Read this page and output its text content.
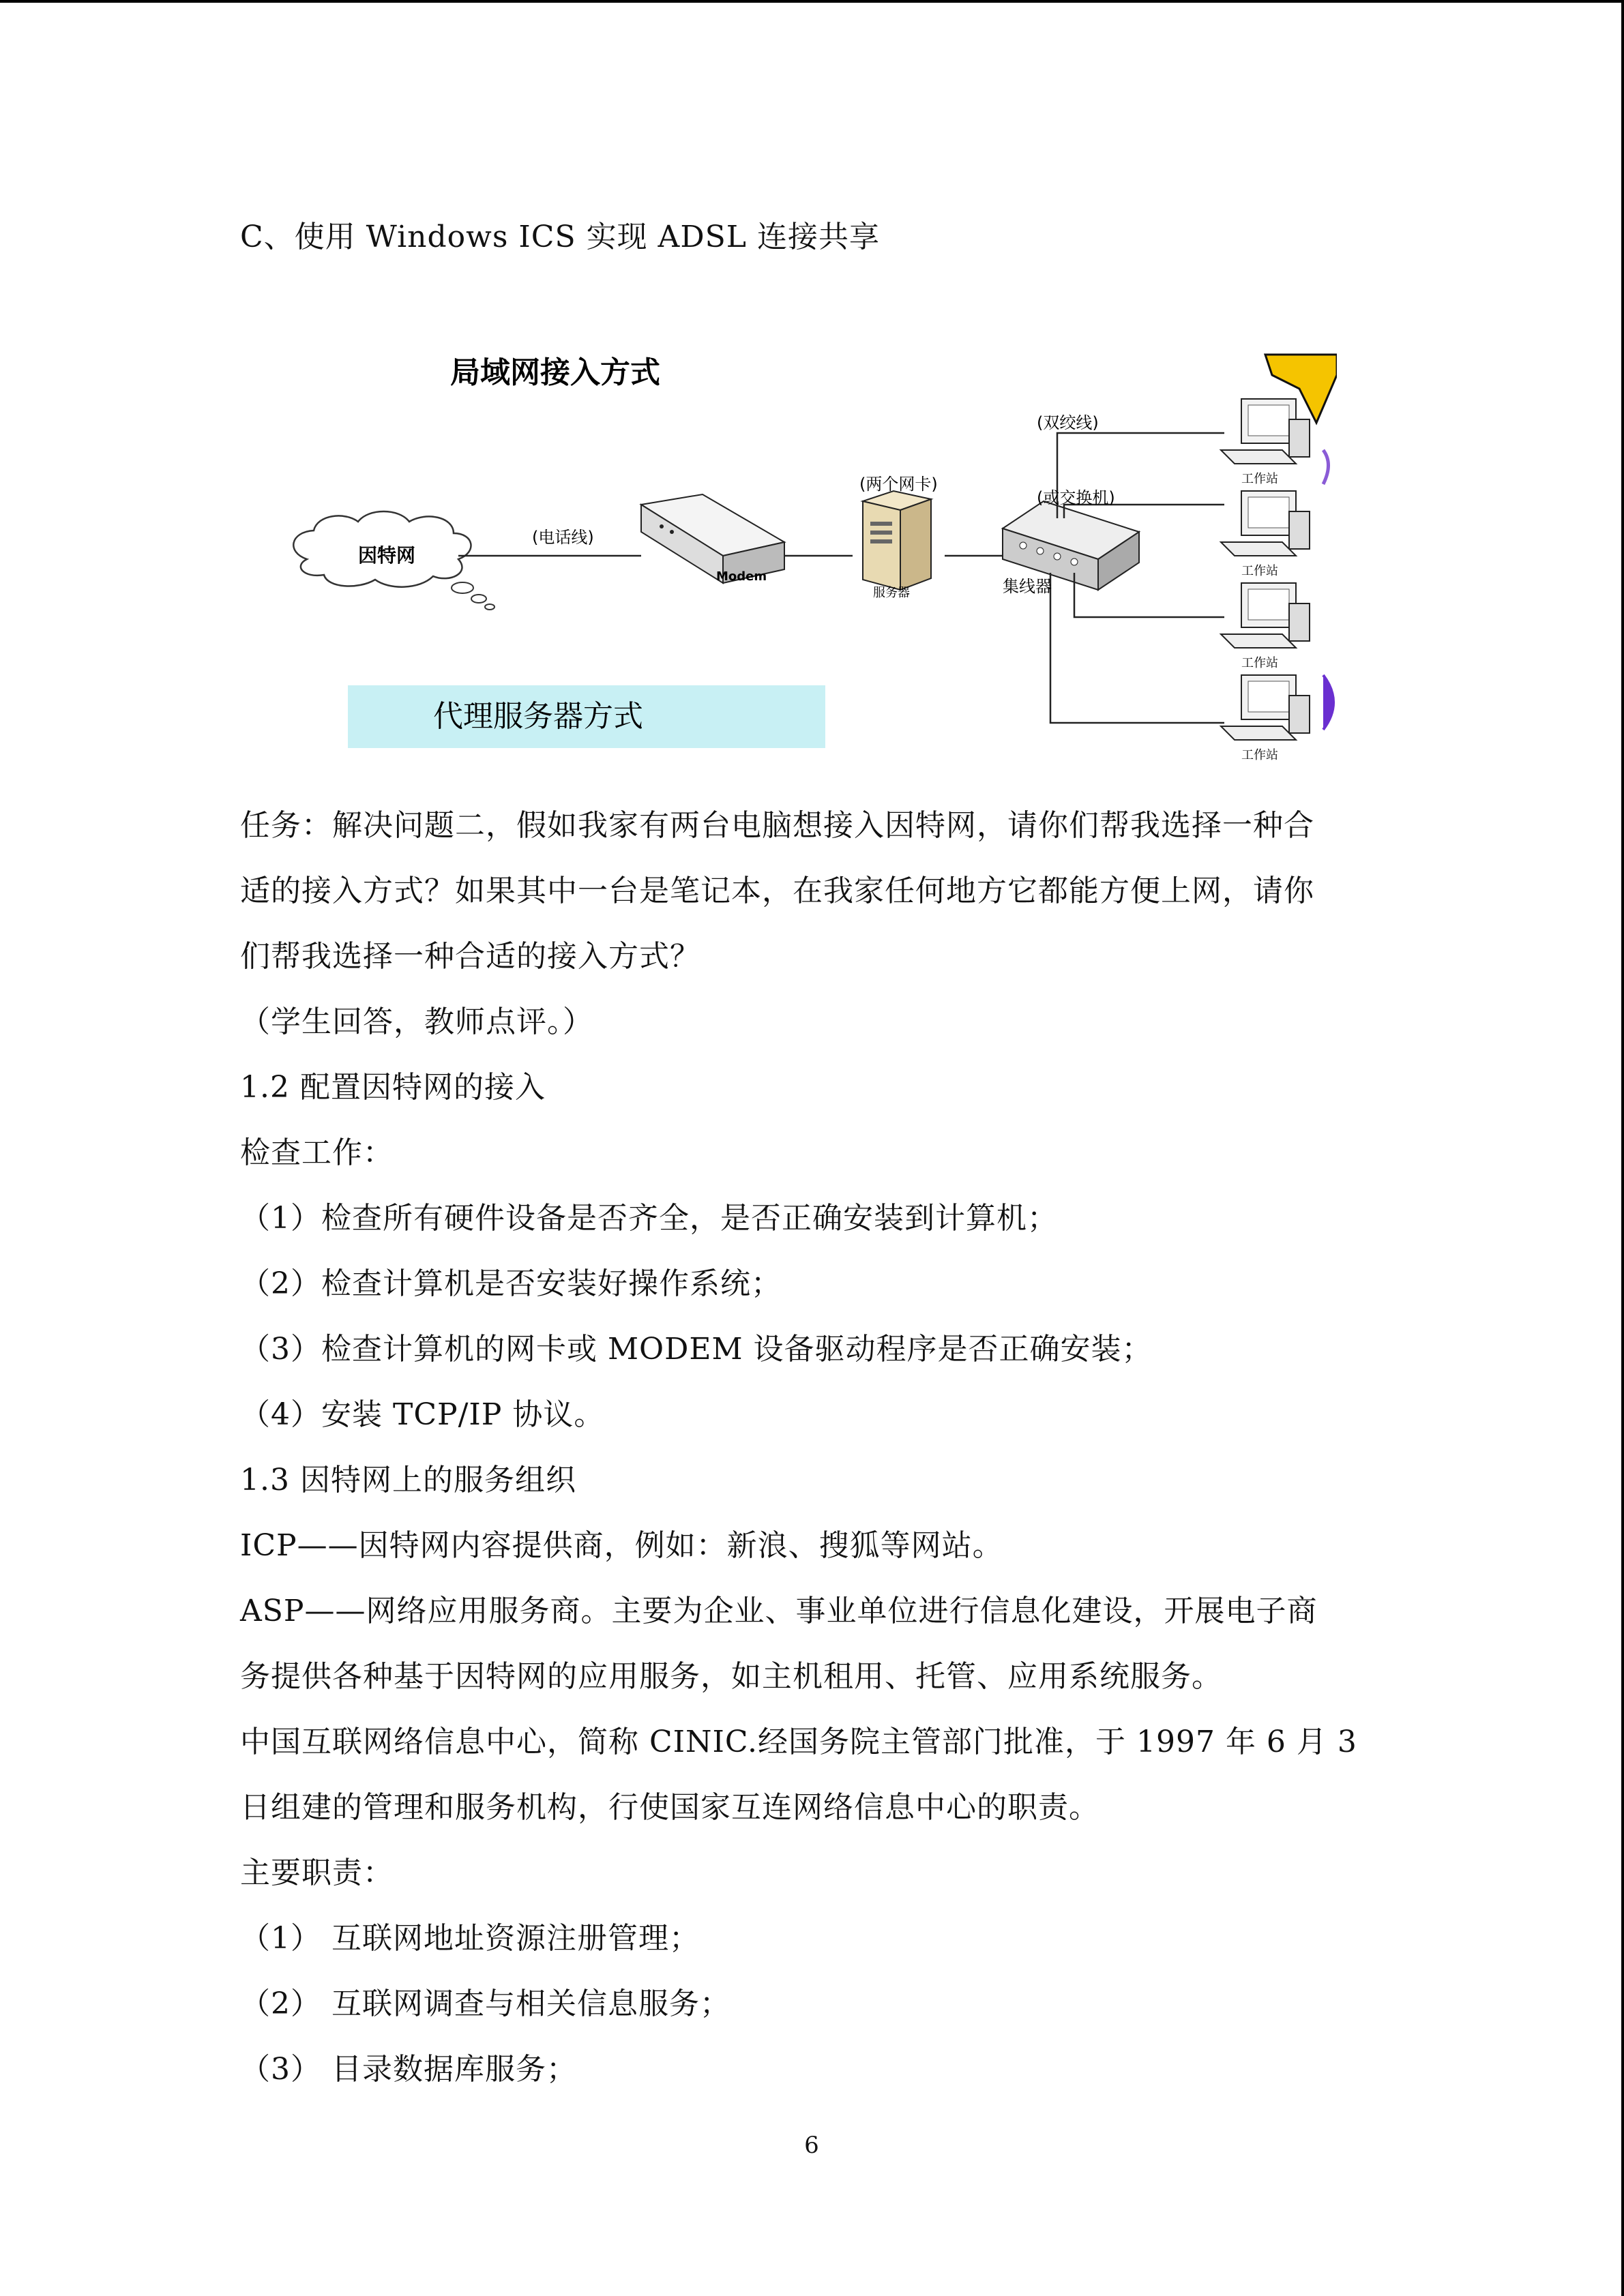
C、使用 Windows ICS 实现 ADSL 连接共享
局域网接入方式
因特网
(电话线)
Modem
(两个网卡)
服务器	集线器
(双绞线)
(或交换机)
工作站
工作站
工作站
工作站
代理服务器方式
任务：解决问题二，假如我家有两台电脑想接入因特网，请你们帮我选择一种合
适的接入方式？如果其中一台是笔记本，在我家任何地方它都能方便上网，请你
们帮我选择一种合适的接入方式？
（学生回答，教师点评。）
1.2 配置因特网的接入
检查工作：
（1）检查所有硬件设备是否齐全，是否正确安装到计算机；
（2）检查计算机是否安装好操作系统；
（3）检查计算机的网卡或 MODEM 设备驱动程序是否正确安装；
（4）安装 TCP/IP 协议。
1.3 因特网上的服务组织
ICP——因特网内容提供商，例如：新浪、搜狐等网站。
ASP——网络应用服务商。主要为企业、事业单位进行信息化建设，开展电子商
务提供各种基于因特网的应用服务，如主机租用、托管、应用系统服务。
中国互联网络信息中心，简称 CINIC.经国务院主管部门批准，于 1997 年 6 月 3
日组建的管理和服务机构，行使国家互连网络信息中心的职责。
主要职责：
（1） 互联网地址资源注册管理；
（2） 互联网调查与相关信息服务；
（3） 目录数据库服务；
6
